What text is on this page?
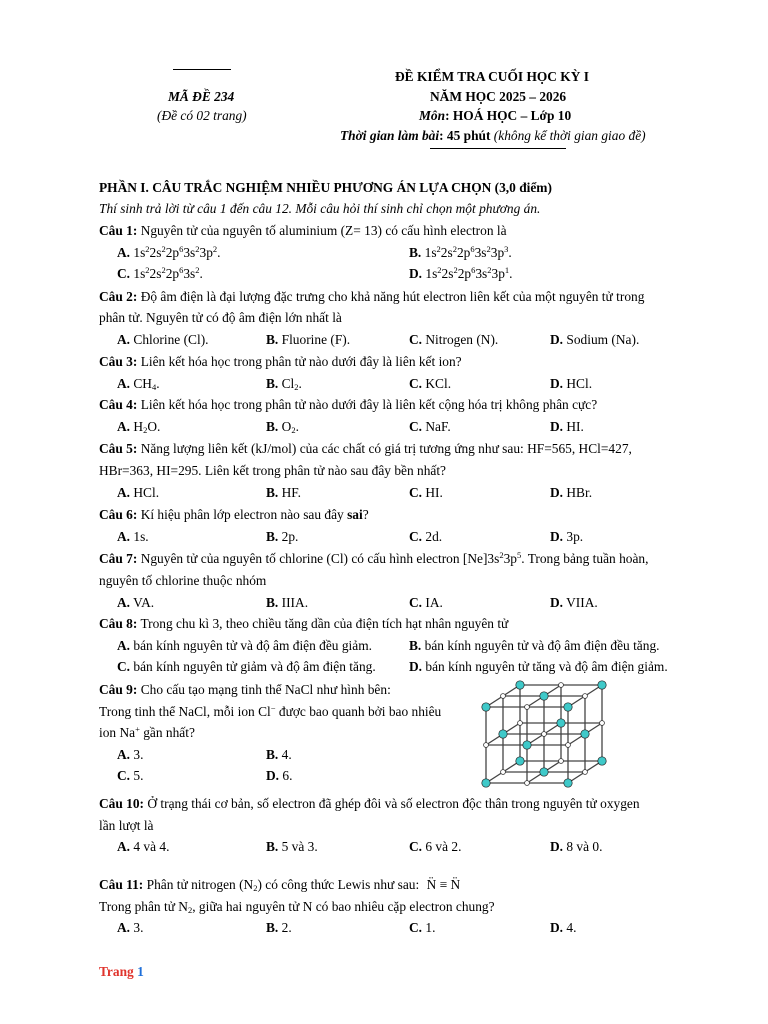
MÃ ĐỀ 234
(Đề có 02 trang)
ĐỀ KIỂM TRA CUỐI HỌC KỲ I
NĂM HỌC 2025 – 2026
Môn: HOÁ HỌC – Lớp 10
Thời gian làm bài: 45 phút (không kể thời gian giao đề)
PHẦN I. CÂU TRẮC NGHIỆM NHIỀU PHƯƠNG ÁN LỰA CHỌN (3,0 điểm)
Thí sinh trả lời từ câu 1 đến câu 12. Mỗi câu hỏi thí sinh chỉ chọn một phương án.
Câu 1: Nguyên tử của nguyên tố aluminium (Z= 13) có cấu hình electron là
A. $1s^22s^22p^63s^23p^2$.	B. $1s^22s^22p^63s^23p^3$.
C. $1s^22s^22p^63s^2$.	D. $1s^22s^22p^63s^23p^1$.
Câu 2: Độ âm điện là đại lượng đặc trưng cho khả năng hút electron liên kết của một nguyên tử trong
phân tử. Nguyên tử có độ âm điện lớn nhất là
A. Chlorine (Cl).	B. Fluorine (F).	C. Nitrogen (N).	D. Sodium (Na).
Câu 3: Liên kết hóa học trong phân tử nào dưới đây là liên kết ion?
A. $CH_4$.	B. $Cl_2$.	C. KCl.	D. HCl.
Câu 4: Liên kết hóa học trong phân tử nào dưới đây là liên kết cộng hóa trị không phân cực?
A. $H_2O$.	B. $O_2$.	C. NaF.	D. HI.
Câu 5: Năng lượng liên kết (kJ/mol) của các chất có giá trị tương ứng như sau: HF=565, HCl=427,
HBr=363, HI=295. Liên kết trong phân tử nào sau đây bền nhất?
A. HCl.	B. HF.	C. HI.	D. HBr.
Câu 6: Kí hiệu phân lớp electron nào sau đây sai?
A. 1s.	B. 2p.	C. 2d.	D. 3p.
Câu 7: Nguyên tử của nguyên tố chlorine (Cl) có cấu hình electron $[Ne]3s^23p^5$. Trong bảng tuần hoàn,
nguyên tố chlorine thuộc nhóm
A. VA.	B. IIIA.	C. IA.	D. VIIA.
Câu 8: Trong chu kì 3, theo chiều tăng dần của điện tích hạt nhân nguyên tử
A. bán kính nguyên tử và độ âm điện đều giảm.	B. bán kính nguyên tử và độ âm điện đều tăng.
C. bán kính nguyên tử giảm và độ âm điện tăng. D. bán kính nguyên tử tăng và độ âm điện giảm.
Câu 9: Cho cấu tạo mạng tinh thể NaCl như hình bên:
Trong tinh thể NaCl, mỗi ion Cl− được bao quanh bởi bao nhiêu
ion Na+ gần nhất?
A. 3.	B. 4.
C. 5.	D. 6.
Câu 10: Ở trạng thái cơ bản, số electron đã ghép đôi và số electron độc thân trong nguyên tử oxygen
lần lượt là
A. 4 và 4.	B. 5 và 3.	C. 6 và 2.	D. 8 và 0.
Câu 11: Phân tử nitrogen $(N_2)$ có công thức Lewis như sau: N̈ ≡ N̈
Trong phân tử $N_2$, giữa hai nguyên tử N có bao nhiêu cặp electron chung?
A. 3.	B. 2.	C. 1.	D. 4.
Trang 1
